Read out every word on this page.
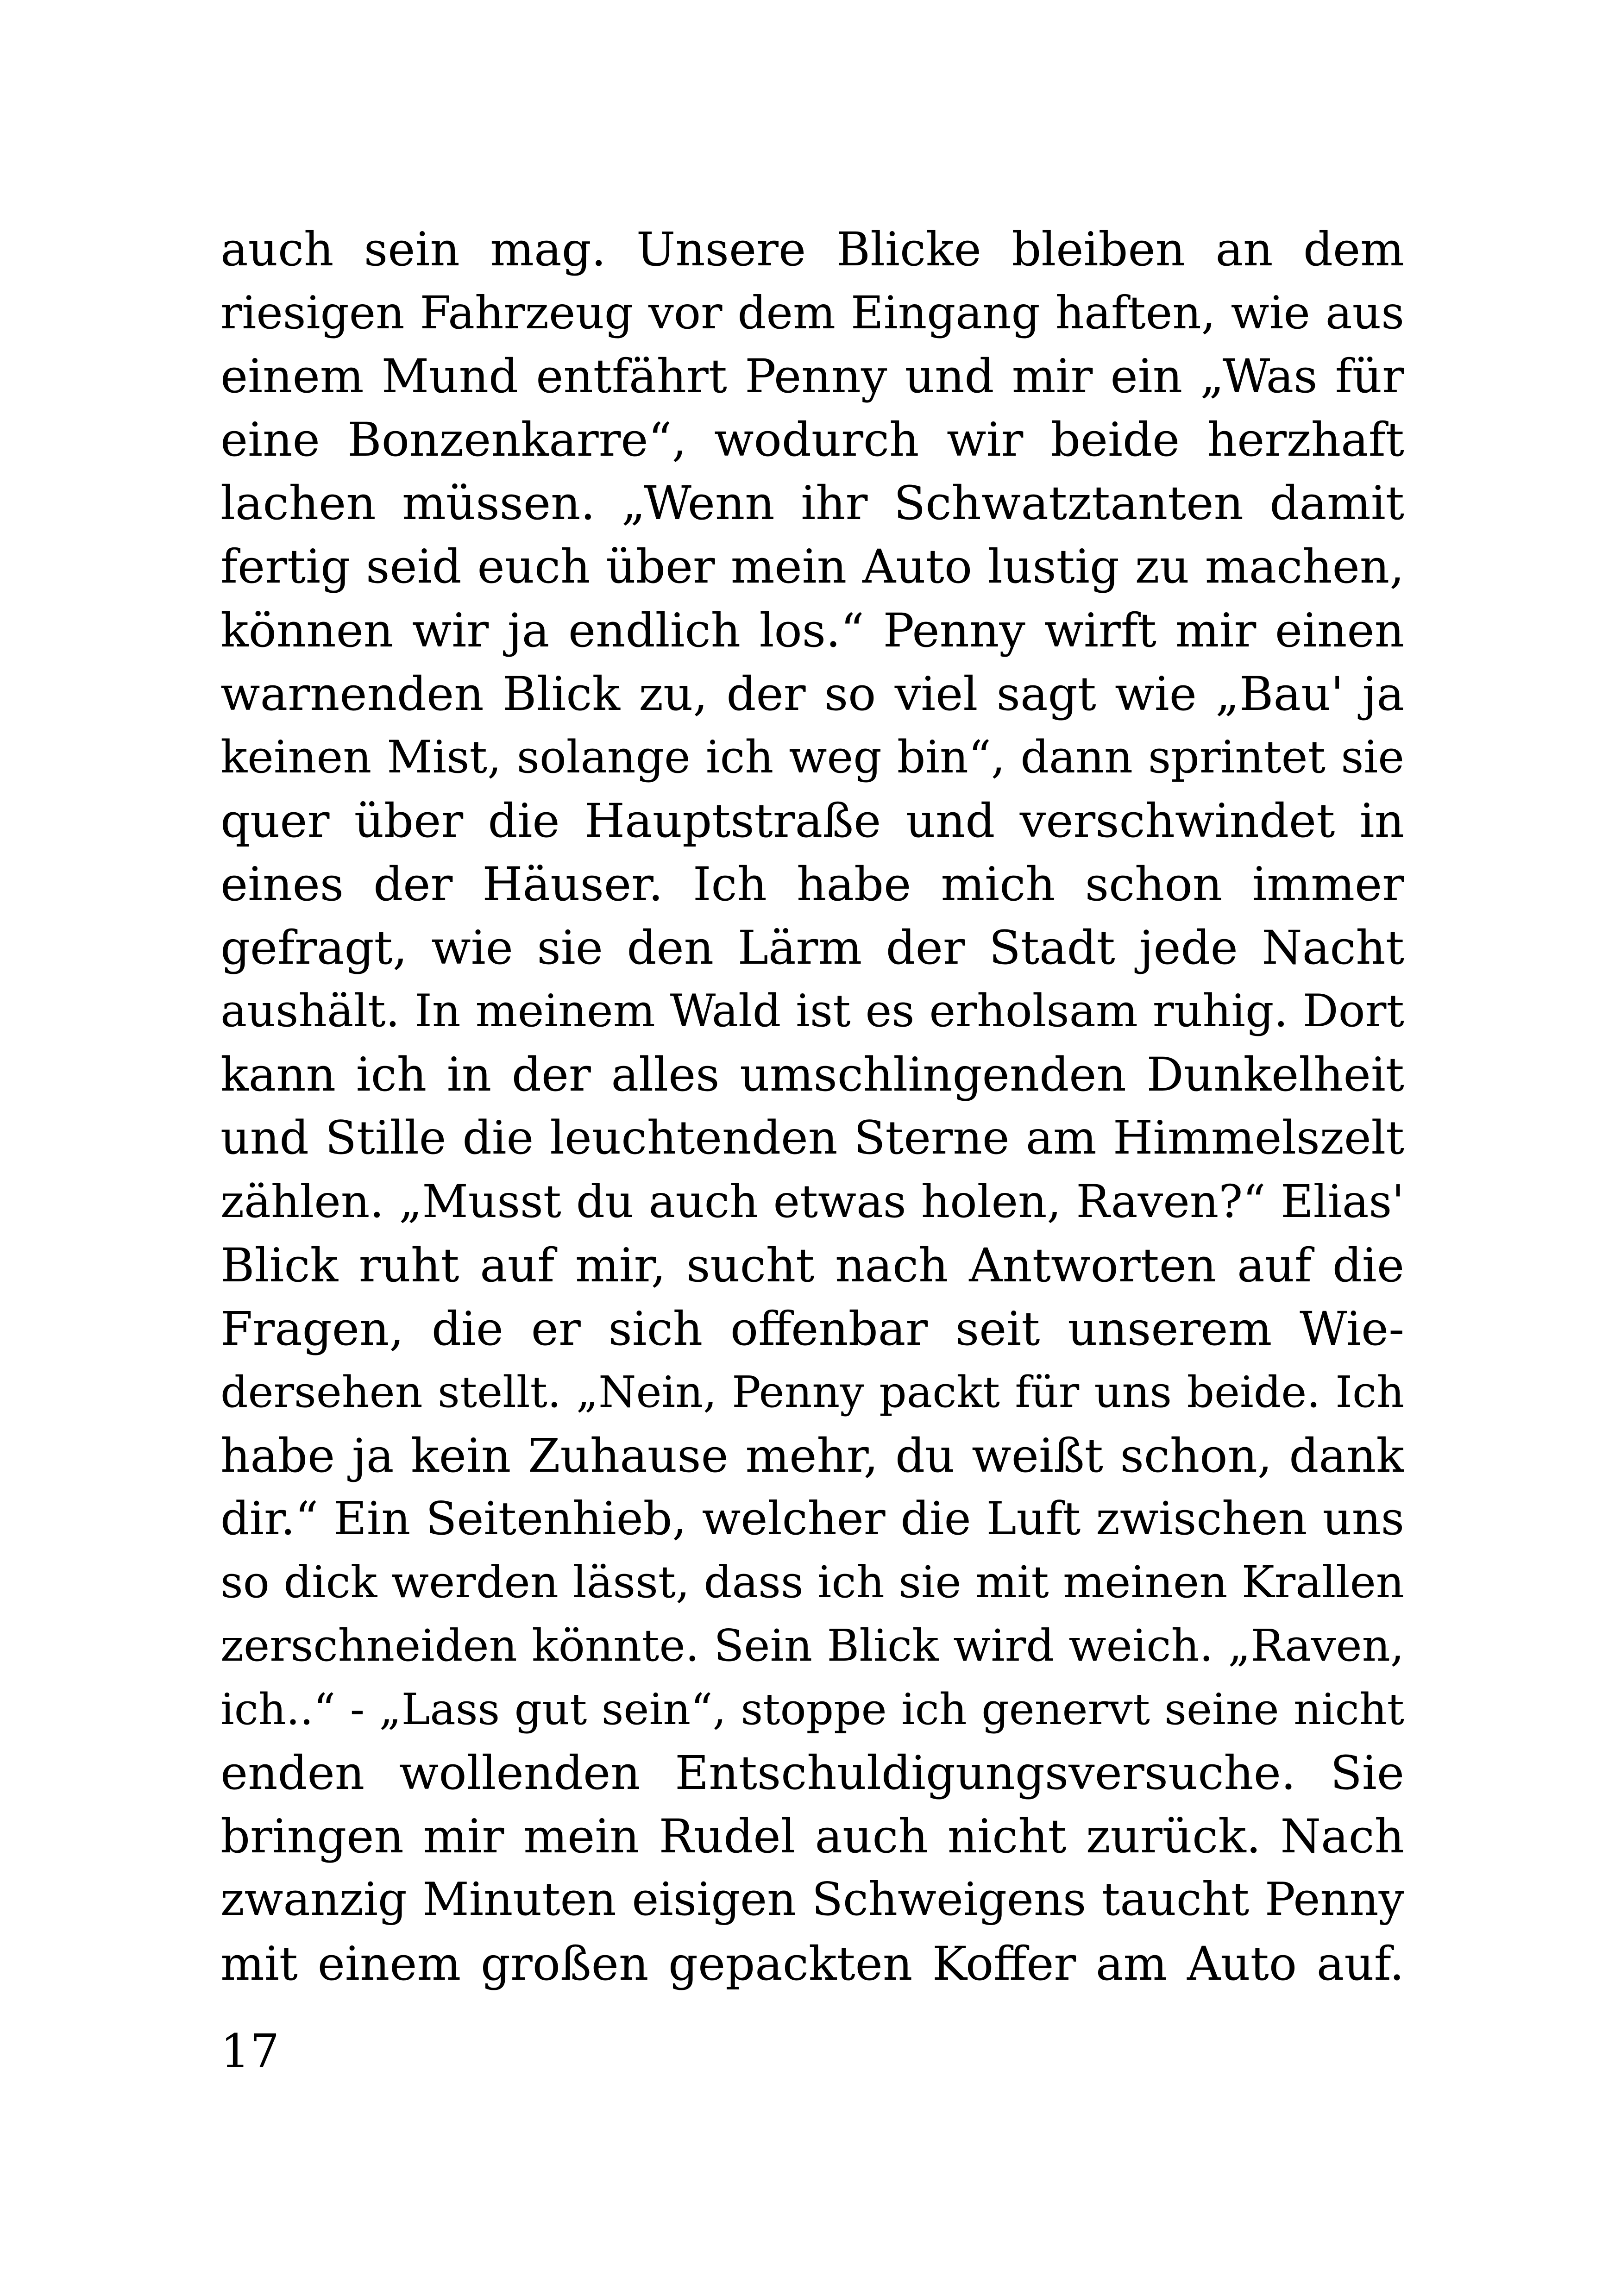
auch sein mag. Unsere Blicke bleiben an dem
riesigen Fahrzeug vor dem Eingang haften, wie aus
einem Mund entfährt Penny und mir ein „Was für
eine Bonzenkarre“, wodurch wir beide herzhaft
lachen müssen. „Wenn ihr Schwatztanten damit
fertig seid euch über mein Auto lustig zu machen,
können wir ja endlich los.“ Penny wirft mir einen
warnenden Blick zu, der so viel sagt wie „Bau' ja
keinen Mist, solange ich weg bin“, dann sprintet sie
quer über die Hauptstraße und verschwindet in
eines der Häuser. Ich habe mich schon immer
gefragt, wie sie den Lärm der Stadt jede Nacht
aushält. In meinem Wald ist es erholsam ruhig. Dort
kann ich in der alles umschlingenden Dunkelheit
und Stille die leuchtenden Sterne am Himmelszelt
zählen. „Musst du auch etwas holen, Raven?“ Elias'
Blick ruht auf mir, sucht nach Antworten auf die
Fragen, die er sich offenbar seit unserem Wie-
dersehen stellt. „Nein, Penny packt für uns beide. Ich
habe ja kein Zuhause mehr, du weißt schon, dank
dir.“ Ein Seitenhieb, welcher die Luft zwischen uns
so dick werden lässt, dass ich sie mit meinen Krallen
zerschneiden könnte. Sein Blick wird weich. „Raven,
ich..“ - „Lass gut sein“, stoppe ich genervt seine nicht
enden wollenden Entschuldigungsversuche. Sie
bringen mir mein Rudel auch nicht zurück. Nach
zwanzig Minuten eisigen Schweigens taucht Penny
mit einem großen gepackten Koffer am Auto auf.
17
